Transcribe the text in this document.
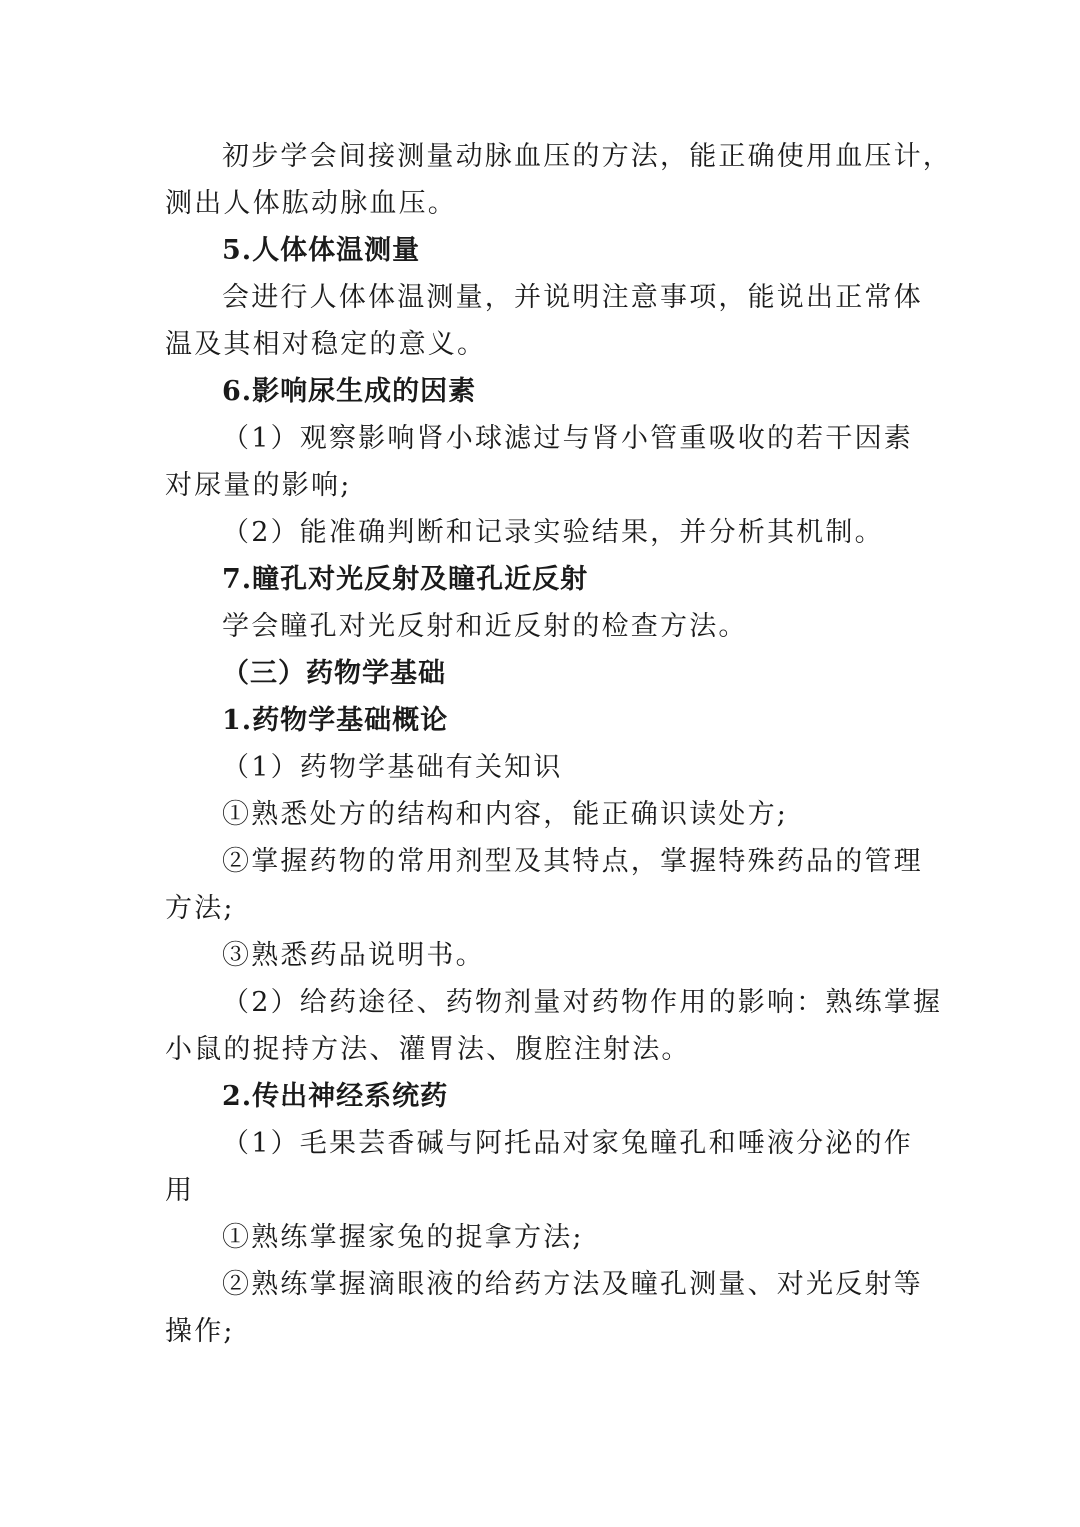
初步学会间接测量动脉血压的方法，能正确使用血压计，
测出人体肱动脉血压。
5.人体体温测量
会进行人体体温测量，并说明注意事项，能说出正常体
温及其相对稳定的意义。
6.影响尿生成的因素
（1）观察影响肾小球滤过与肾小管重吸收的若干因素
对尿量的影响;
（2）能准确判断和记录实验结果，并分析其机制。
7.瞳孔对光反射及瞳孔近反射
学会瞳孔对光反射和近反射的检查方法。
（三）药物学基础
1.药物学基础概论
（1）药物学基础有关知识
①熟悉处方的结构和内容，能正确识读处方;
②掌握药物的常用剂型及其特点，掌握特殊药品的管理
方法;
③熟悉药品说明书。
（2）给药途径、药物剂量对药物作用的影响：熟练掌握
小鼠的捉持方法、灌胃法、腹腔注射法。
2.传出神经系统药
（1）毛果芸香碱与阿托品对家兔瞳孔和唾液分泌的作
用
①熟练掌握家兔的捉拿方法;
②熟练掌握滴眼液的给药方法及瞳孔测量、对光反射等
操作;
